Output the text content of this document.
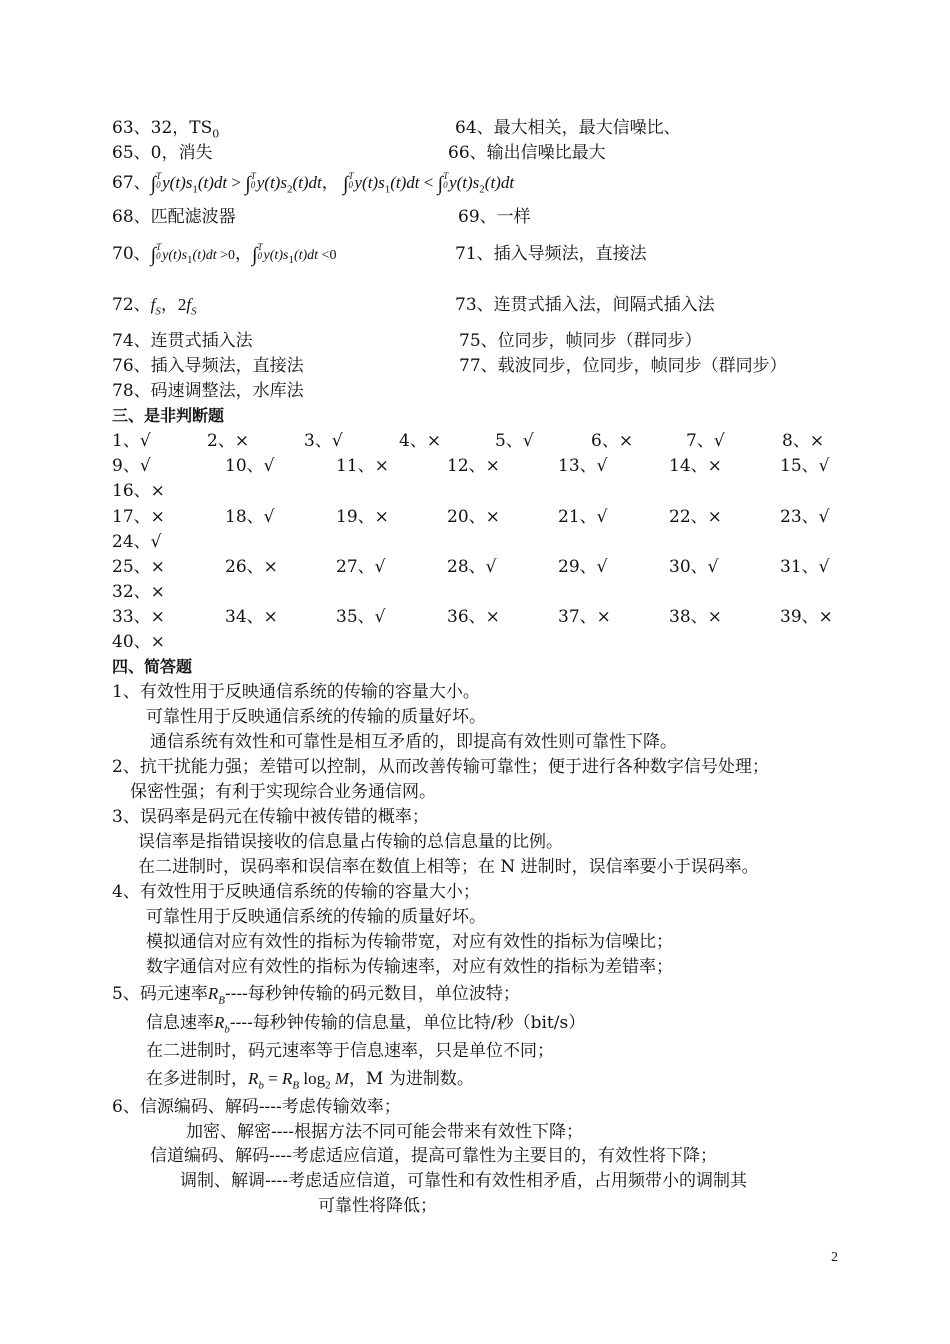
63、32，$TS_0$	64、最大相关，最大信噪比、
65、0，消失	66、输出信噪比最大
67、∫ T
0 $y(t)s_1(t)dt$ > ∫ T
0 $y(t)s_2(t)dt$， ∫ T
0 $y(t)s_1(t)dt$ < ∫ T
0 $y(t)s_2(t)dt$
68、匹配滤波器	69、一样
70、∫ T
0 $y(t)s_1(t)dt >0$，∫ T
0 $y(t)s_1(t)dt <0$	71、插入导频法，直接法
72、$f_S$，$2f_S$	73、连贯式插入法，间隔式插入法
74、连贯式插入法	75、位同步，帧同步（群同步）
76、插入导频法，直接法	77、载波同步，位同步，帧同步（群同步）
78、码速调整法，水库法
三、是非判断题
1、√	2、×	3、√	4、×	5、√	6、×	7、√	8、×
9、√	10、√	11、×	12、×	13、√	14、×	15、√
16、×
17、×	18、√	19、×	20、×	21、√	22、×	23、√
24、√
25、×	26、×	27、√	28、√	29、√	30、√	31、√
32、×
33、×	34、×	35、√	36、×	37、×	38、×	39、×
40、×
四、简答题
1、有效性用于反映通信系统的传输的容量大小。
可靠性用于反映通信系统的传输的质量好坏。
通信系统有效性和可靠性是相互矛盾的，即提高有效性则可靠性下降。
2、抗干扰能力强；差错可以控制，从而改善传输可靠性；便于进行各种数字信号处理；
保密性强；有利于实现综合业务通信网。
3、误码率是码元在传输中被传错的概率；
误信率是指错误接收的信息量占传输的总信息量的比例。
在二进制时，误码率和误信率在数值上相等；在 N 进制时，误信率要小于误码率。
4、有效性用于反映通信系统的传输的容量大小；
可靠性用于反映通信系统的传输的质量好坏。
模拟通信对应有效性的指标为传输带宽，对应有效性的指标为信噪比；
数字通信对应有效性的指标为传输速率，对应有效性的指标为差错率；
5、码元速率$R_B----$每秒钟传输的码元数目，单位波特；
信息速率$R_b----$每秒钟传输的信息量，单位比特/秒（bit/s）
在二进制时，码元速率等于信息速率，只是单位不同；
在多进制时，$R_b = R_B$ $\log_2 M$，M 为进制数。
6、信源编码、解码----考虑传输效率；
加密、解密----根据方法不同可能会带来有效性下降；
信道编码、解码----考虑适应信道，提高可靠性为主要目的，有效性将下降；
调制、解调----考虑适应信道，可靠性和有效性相矛盾，占用频带小的调制其
可靠性将降低；
2
